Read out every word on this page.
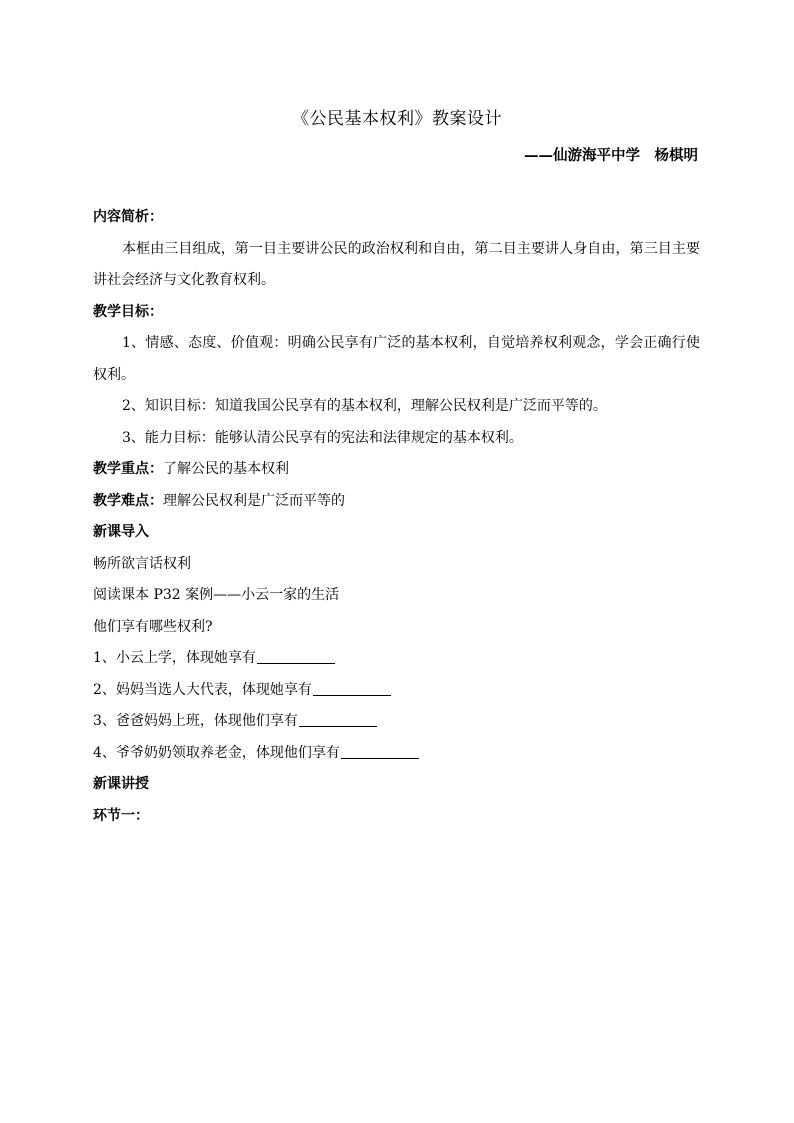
《公民基本权利》教案设计
——仙游海平中学　杨棋明
内容简析：
本框由三目组成，第一目主要讲公民的政治权利和自由，第二目主要讲人身自由，第三目主要讲社会经济与文化教育权利。
教学目标：
1、情感、态度、价值观：明确公民享有广泛的基本权利，自觉培养权利观念，学会正确行使权利。
2、知识目标：知道我国公民享有的基本权利，理解公民权利是广泛而平等的。
3、能力目标：能够认清公民享有的宪法和法律规定的基本权利。
教学重点：了解公民的基本权利
教学难点：理解公民权利是广泛而平等的
新课导入
畅所欲言话权利
阅读课本 P32 案例——小云一家的生活
他们享有哪些权利?
1、小云上学，体现她享有
2、妈妈当选人大代表，体现她享有
3、爸爸妈妈上班，体现他们享有
4、爷爷奶奶领取养老金，体现他们享有
新课讲授
环节一：
